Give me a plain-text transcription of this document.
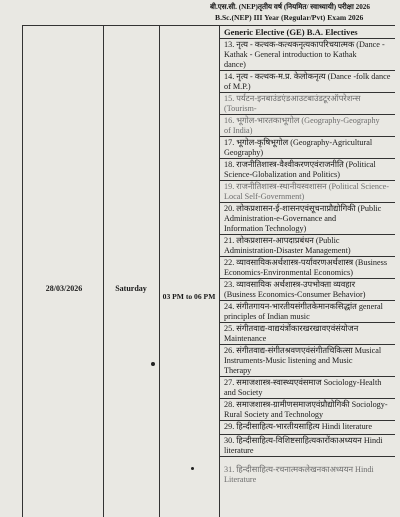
बी.एस.सी. (NEP)तृतीय वर्ष (नियमित/ स्वाध्यायी) परीक्षा 2026
B.Sc.(NEP) III Year (Regular/Pvt) Exam 2026
28/03/2026	Saturday
03 PM to 06 PM
Generic Elective (GE) B.A. Electives
13. नृत्य - कत्थक-कत्थकनृत्यकापरिचयात्मक (Dance -
Kathak - General introduction to Kathak
dance)
14. नृत्य - कत्थक-म.प्र. केलोकनृत्य (Dance -folk dance
of M.P.)
15. पर्यटन-इनबाउंडएंडआउटबाउंडटूरऑपरेशन्स (Tourism-
16. भूगोल-भारतकाभूगोल (Geography-Geography
of India)
17. भूगोल-कृषिभूगोल (Geography-Agricultural
Geography)
18. राजनीतिशास्त्र-वैश्वीकरणएवंराजनीति (Political
Science-Globalization and Politics)
19. राजनीतिशास्त्र-स्थानीयस्वशासन (Political Science-
Local Self-Government)
20. लोकप्रशासन-ई-शासनएवंसूचनाप्रौद्योगिकी (Public
Administration-e-Governance and
Information Technology)
21. लोकप्रशासन-आपदाप्रबंधन (Public
Administration-Disaster Management)
22. व्यावसायिकअर्थशास्त्र-पर्यावरणअर्थशास्त्र (Business
Economics-Environmental Economics)
23. व्यावसायिक अर्थशास्त्र-उपभोक्ता व्यवहार
(Business Economics-Consumer Behavior)
24. संगीतगायन-भारतीयसंगीतकेमानकसिद्धांत general
principles of Indian music
25. संगीतवाद्य-वाद्ययंत्रोंकारखरखावएवंसंयोजन Maintenance
26. संगीतवाद्य-संगीतश्रवणएवंसंगीतचिकित्सा Musical
Instruments-Music listening and Music
Therapy
27. समाजशास्त्र-स्वास्थ्यएवंसमाज Sociology-Health
and Society
28. समाजशास्त्र-ग्रामीणसमाजएवंप्रौद्योगिकी Sociology-
Rural Society and Technology
29. हिन्दीसाहित्य-भारतीयसाहित्य Hindi literature
30. हिन्दीसाहित्य-विशिष्टसाहित्यकारोंकाअध्ययन Hindi
literature
31. हिन्दीसाहित्य-रचनात्मकलेखनकाअध्ययन Hindi
Literature
